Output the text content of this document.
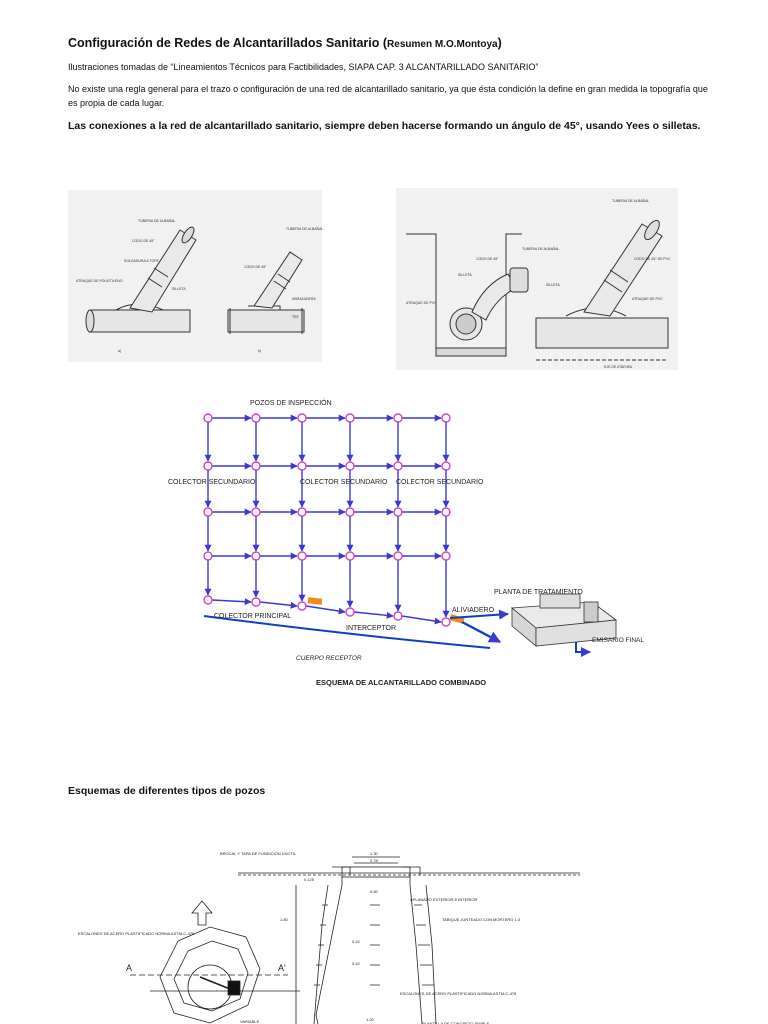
Configuración de Redes de Alcantarillados Sanitario (Resumen M.O.Montoya)
Ilustraciones tomadas de “Lineamientos Técnicos para Factibilidades, SIAPA CAP. 3 ALCANTARILLADO SANITARIO”
No existe una regla general para el trazo o configuración de una red de alcantarillado sanitario, ya que ésta condición la define en gran medida la topografía que es propia de cada lugar.
Las conexiones a la red de alcantarillado sanitario, siempre deben hacerse formando un ángulo de 45°, usando Yees o silletas.
Esquemas de diferentes tipos de pozos
TUBERIA DE ALBAÑAL
CODO DE 45°
SOLDADURA A TOPE
ATRAQUE DE POLIETILENO
SILLETA
TUBERIA DE ALBAÑAL
CODO DE 45°
ABRAZADERA
TEE
a)	b)
SILLETA
CODO DE 45°
TUBERIA DE ALBAÑAL
ATRAQUE DE PVC
TUBERIA DE ALBAÑAL
CODO DE 45° DE PVC
SILLETA
ATRAQUE DE PVC
EJE DE ATARJEA
POZOS DE INSPECCIÓN
COLECTOR SECUNDARIO	COLECTOR SECUNDARIO COLECTOR SECUNDARIO
COLECTOR PRINCIPAL
INTERCEPTOR
ALIVIADERO
PLANTA DE TRATAMIENTO
EMISARIO FINAL
CUERPO RECEPTOR
ESQUEMA DE ALCANTARILLADO COMBINADO
BROCAL Y TAPA DE FUNDICIÓN DÚCTIL
APLANADO EXTERIOR E INTERIOR
TABIQUE JUNTEADO CON MORTERO 1:3
ESCALONES DE ACERO PLASTIFICADO NORMA ASTM-C-478
ESCALONES DE ACERO PLASTIFICADO NORMA ASTM-C-478
VARIABLE	PLANTILLA DE CONCRETO SIMPLE
1.30
0.78
0.125
0.60
1.80
0.42
0.42
1.20
A	A'
